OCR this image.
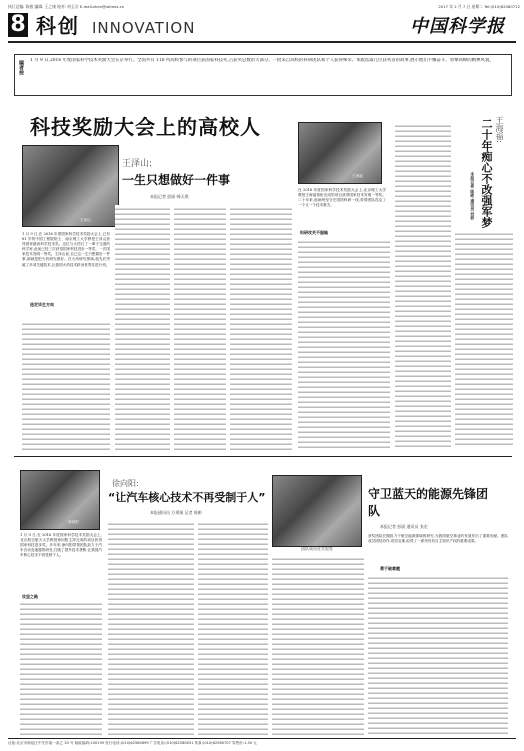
执行总编: 陈根 编辑: 王之康 校对: 何玉宗 E-mail:zhen@stimes.cn	2017 年 2 月 7 日 星期二 Tel:(010)62580712
8 科创 INNOVATION	中国科学报
编者按 1 月 9 日,2016 年度国家科学技术奖励大会在京举行。全国共有 118 所高校参与的项目获国家科技奖,占获奖总数的大部分。一批来自高校的科研团队和个人获得殊荣。本版选取几位获奖者的故事,展示他们不懈奋斗、勇攀高峰的精神风貌。
科技奖励大会上的高校人
王泽山
王泽山:
一生只想做好一件事
本报记者 彭丽 韩天琪
1 月 9 日,在 2016 年度国家科学技术奖励大会上,已有 81 岁的中国工程院院士、南京理工大学教授王泽山获得国家最高科学技术奖。这位与火药打了一辈子交道的科学家,此前已经三次获得国家科技进步一等奖、一次国家技术发明一等奖。王泽山说,自己这一生只想做好一件事,那就是把火药研究做好。在火药研究领域,他先后突破了多项关键技术,让我国火药技术跻身世界先进行列。
选定毕生方向
王海福
王海福:
二十年痴心不改强军梦
本报记者 陈彬 通讯员 刘菲
在 2016 年度国家科学技术奖励大会上,北京理工大学教授王海福领衔完成的项目获得国家技术发明一等奖。二十年来,他始终坚守在国防科研一线,带领团队攻克了一个又一个技术难关。
科研攻关不服输
徐向阳
徐向阳:
“让汽车核心技术不再受制于人”
本报通讯员 方勇娟 记者 陈彬
1 月 9 日,在 2016 年度国家科学技术奖励大会上,北京航空航天大学教授徐向阳主持完成的项目获得国家科技进步奖。多年来,徐向阳带领团队致力于汽车自动变速器的研发,打破了国外技术垄断,让我国汽车核心技术不再受制于人。
攻坚之路
团队成员在实验室
守卫蓝天的能源先锋团队
本报记者 彭丽 通讯员 张宏
获奖团队长期致力于航空能源领域的研究,为我国航空事业的发展作出了重要贡献。团队成员团结协作,攻坚克难,取得了一系列具有自主知识产权的重要成果。
勇于破难题
社址:北京市海淀区中关村南一条乙 33 号 邮政编码:100190 发行电话:(010)62580699 广告电话:(010)62580631 传真:(010)62580707 零售价:1.50 元
